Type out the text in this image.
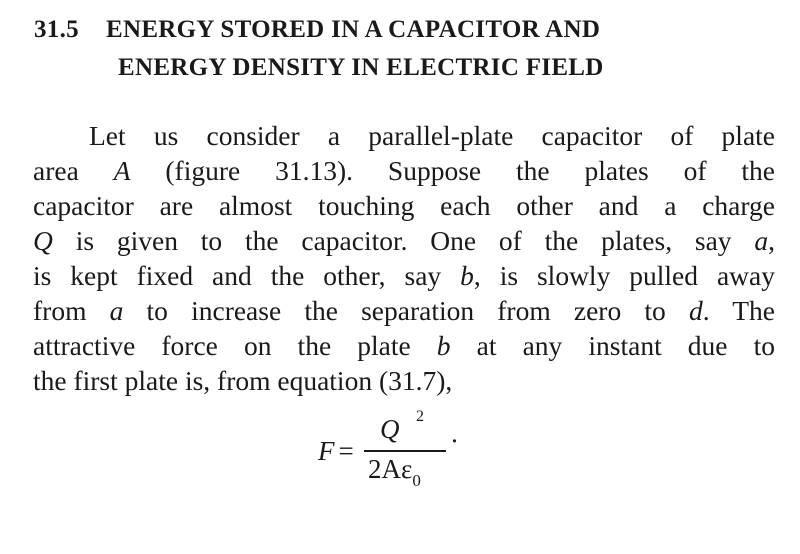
31.5 ENERGY STORED IN A CAPACITOR AND
ENERGY DENSITY IN ELECTRIC FIELD
Let us consider a parallel-plate capacitor of plate
area A (figure 31.13). Suppose the plates of the
capacitor are almost touching each other and a charge
Q is given to the capacitor. One of the plates, say a,
is kept fixed and the other, say b, is slowly pulled away
from a to increase the separation from zero to d. The
attractive force on the plate b at any instant due to
the first plate is, from equation (31.7),
F =
Q 2
$2A\varepsilon_0$
·
